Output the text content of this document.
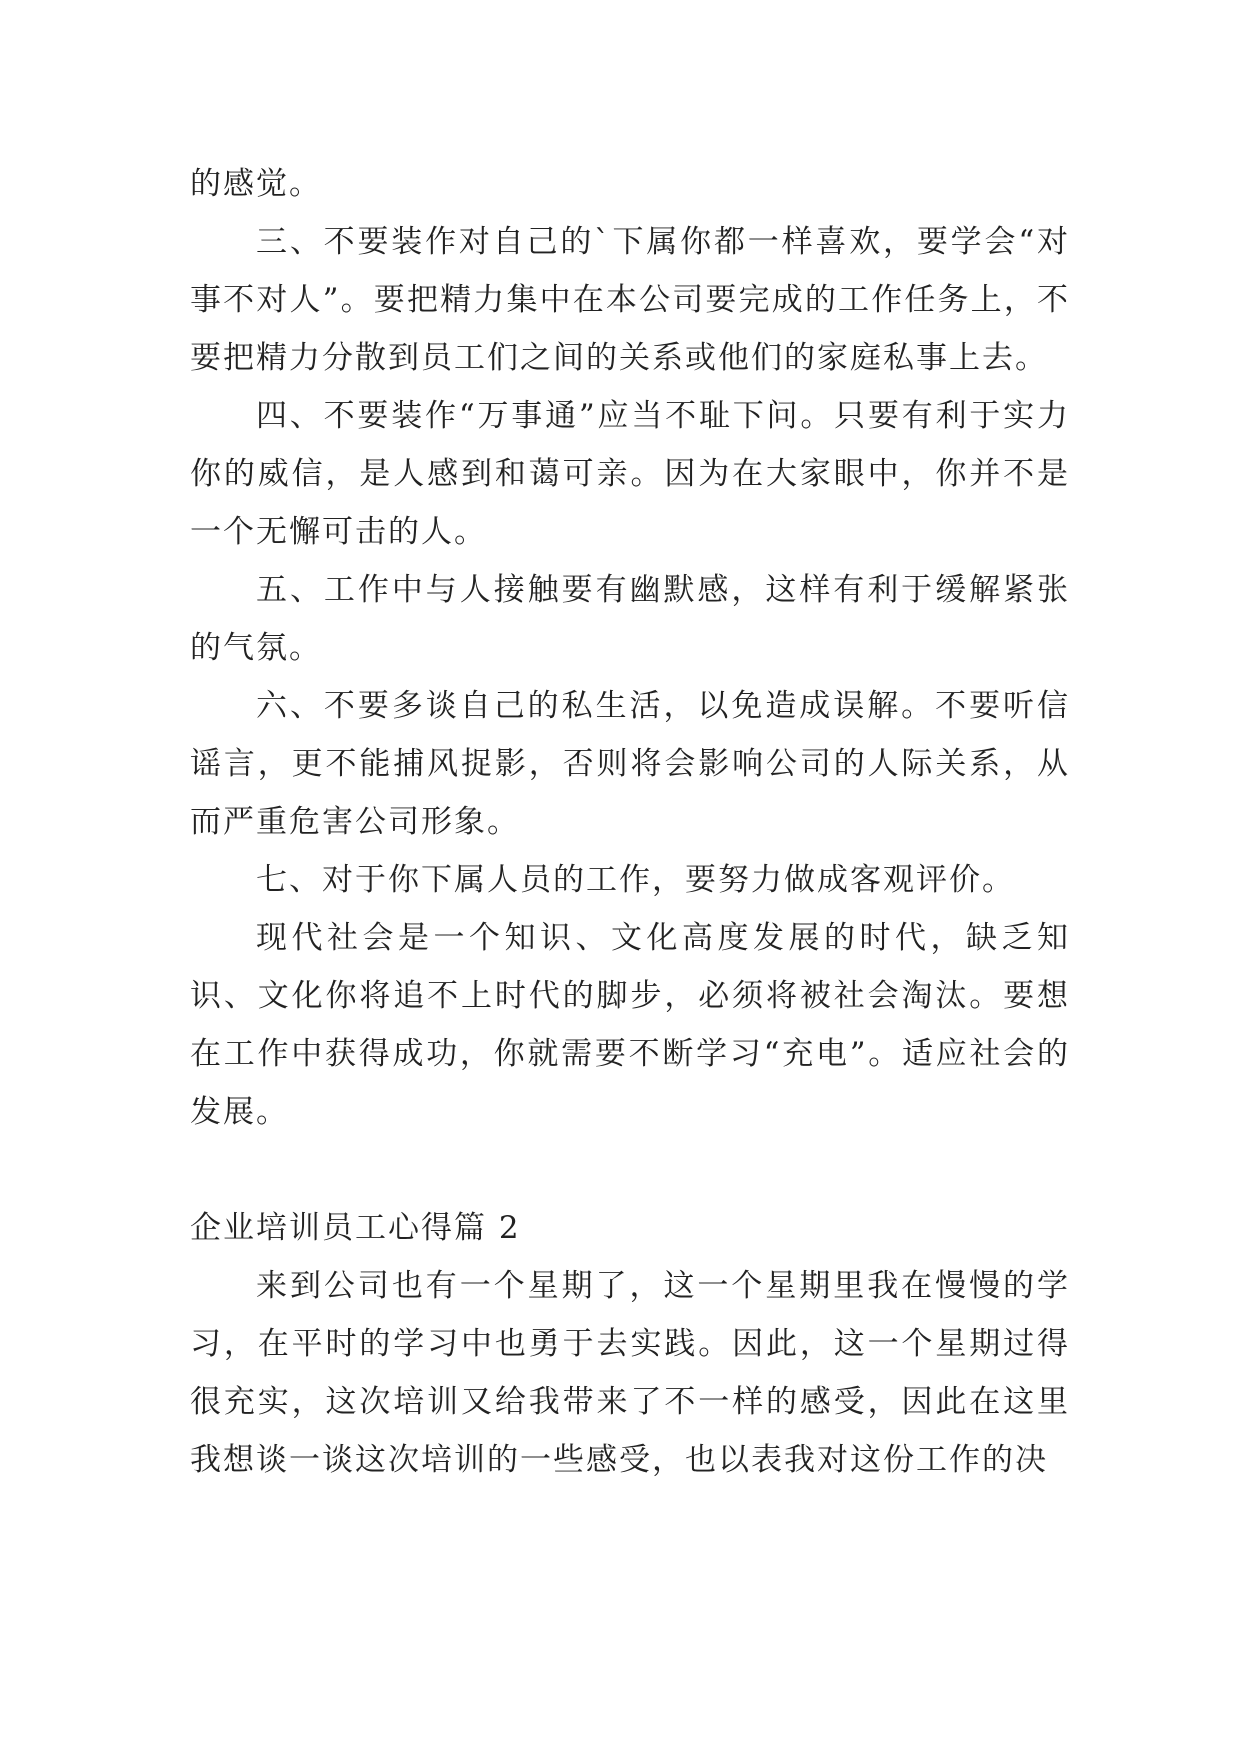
的感觉。

三、不要装作对自己的`下属你都一样喜欢，要学会“对事不对人”。要把精力集中在本公司要完成的工作任务上，不要把精力分散到员工们之间的关系或他们的家庭私事上去。

四、不要装作“万事通”应当不耻下问。只要有利于实力你的威信，是人感到和蔼可亲。因为在大家眼中，你并不是一个无懈可击的人。

五、工作中与人接触要有幽默感，这样有利于缓解紧张的气氛。

六、不要多谈自己的私生活，以免造成误解。不要听信谣言，更不能捕风捉影，否则将会影响公司的人际关系，从而严重危害公司形象。

七、对于你下属人员的工作，要努力做成客观评价。

现代社会是一个知识、文化高度发展的时代，缺乏知识、文化你将追不上时代的脚步，必须将被社会淘汰。要想在工作中获得成功，你就需要不断学习“充电”。适应社会的发展。

企业培训员工心得篇 2

来到公司也有一个星期了，这一个星期里我在慢慢的学习，在平时的学习中也勇于去实践。因此，这一个星期过得很充实，这次培训又给我带来了不一样的感受，因此在这里我想谈一谈这次培训的一些感受，也以表我对这份工作的决
